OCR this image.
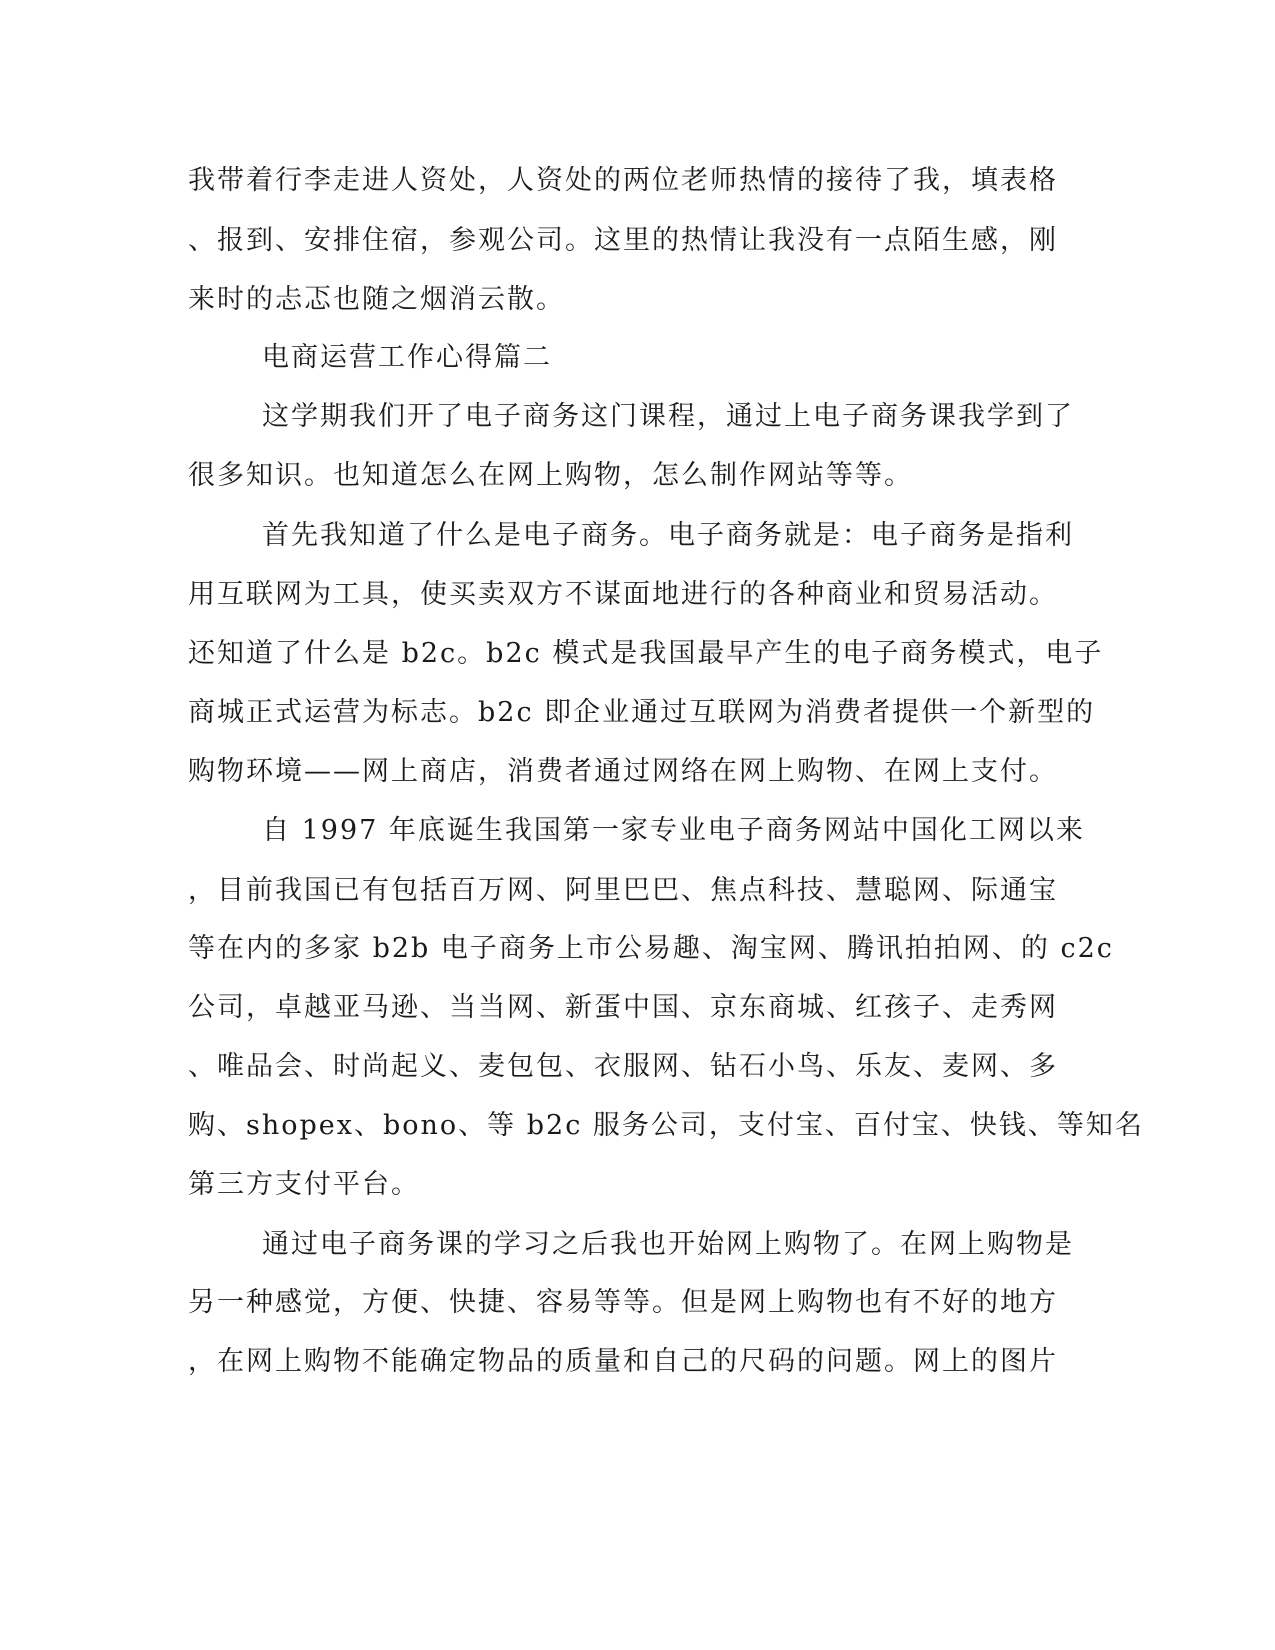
我带着行李走进人资处，人资处的两位老师热情的接待了我，填表格
、报到、安排住宿，参观公司。这里的热情让我没有一点陌生感，刚
来时的忐忑也随之烟消云散。
电商运营工作心得篇二
这学期我们开了电子商务这门课程，通过上电子商务课我学到了
很多知识。也知道怎么在网上购物，怎么制作网站等等。
首先我知道了什么是电子商务。电子商务就是：电子商务是指利
用互联网为工具，使买卖双方不谋面地进行的各种商业和贸易活动。
还知道了什么是 b2c。b2c 模式是我国最早产生的电子商务模式，电子
商城正式运营为标志。b2c 即企业通过互联网为消费者提供一个新型的
购物环境——网上商店，消费者通过网络在网上购物、在网上支付。
自 1997 年底诞生我国第一家专业电子商务网站中国化工网以来
，目前我国已有包括百万网、阿里巴巴、焦点科技、慧聪网、际通宝
等在内的多家 b2b 电子商务上市公易趣、淘宝网、腾讯拍拍网、的 c2c
公司，卓越亚马逊、当当网、新蛋中国、京东商城、红孩子、走秀网
、唯品会、时尚起义、麦包包、衣服网、钻石小鸟、乐友、麦网、多
购、shopex、bono、等 b2c 服务公司，支付宝、百付宝、快钱、等知名
第三方支付平台。
通过电子商务课的学习之后我也开始网上购物了。在网上购物是
另一种感觉，方便、快捷、容易等等。但是网上购物也有不好的地方
，在网上购物不能确定物品的质量和自己的尺码的问题。网上的图片
